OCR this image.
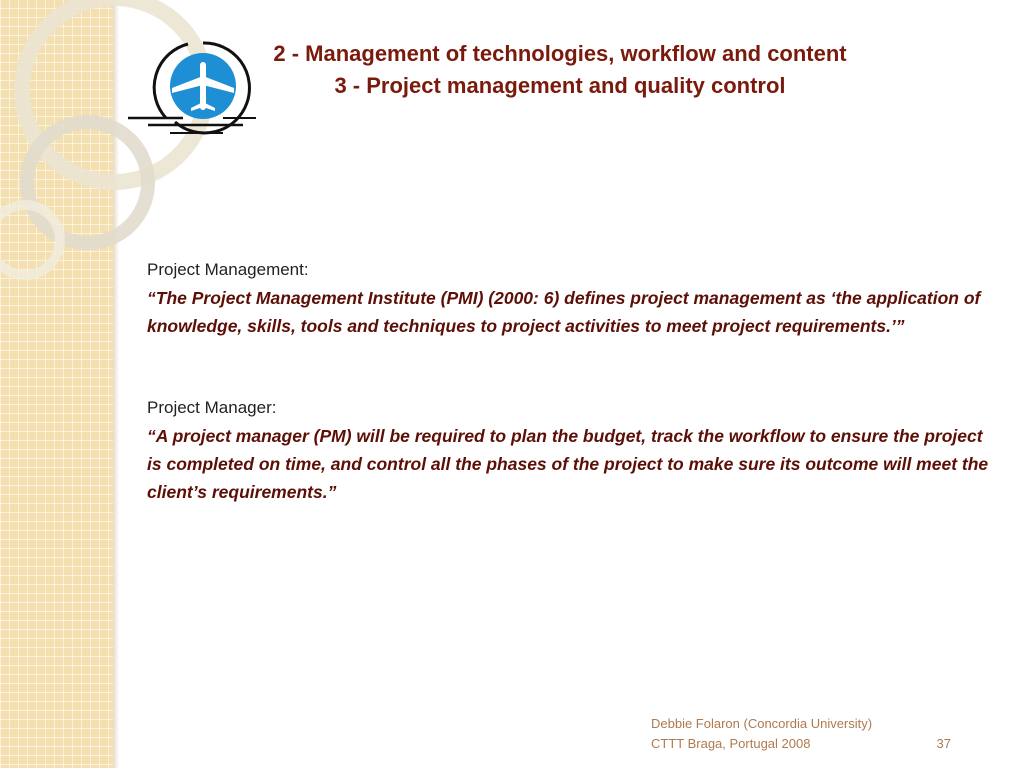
2 - Management of technologies, workflow and content
3 - Project management and quality control
Project Management:
“The Project Management Institute (PMI) (2000: 6) defines project management as ‘the application of knowledge, skills, tools and techniques to project activities to meet project requirements.’”
Project Manager:
“A project manager (PM) will be required to plan the budget, track the workflow to ensure the project is completed on time, and control all the phases of the project to make sure its outcome will meet the client’s requirements.”
Debbie Folaron (Concordia University)
CTTT Braga, Portugal 2008	37
